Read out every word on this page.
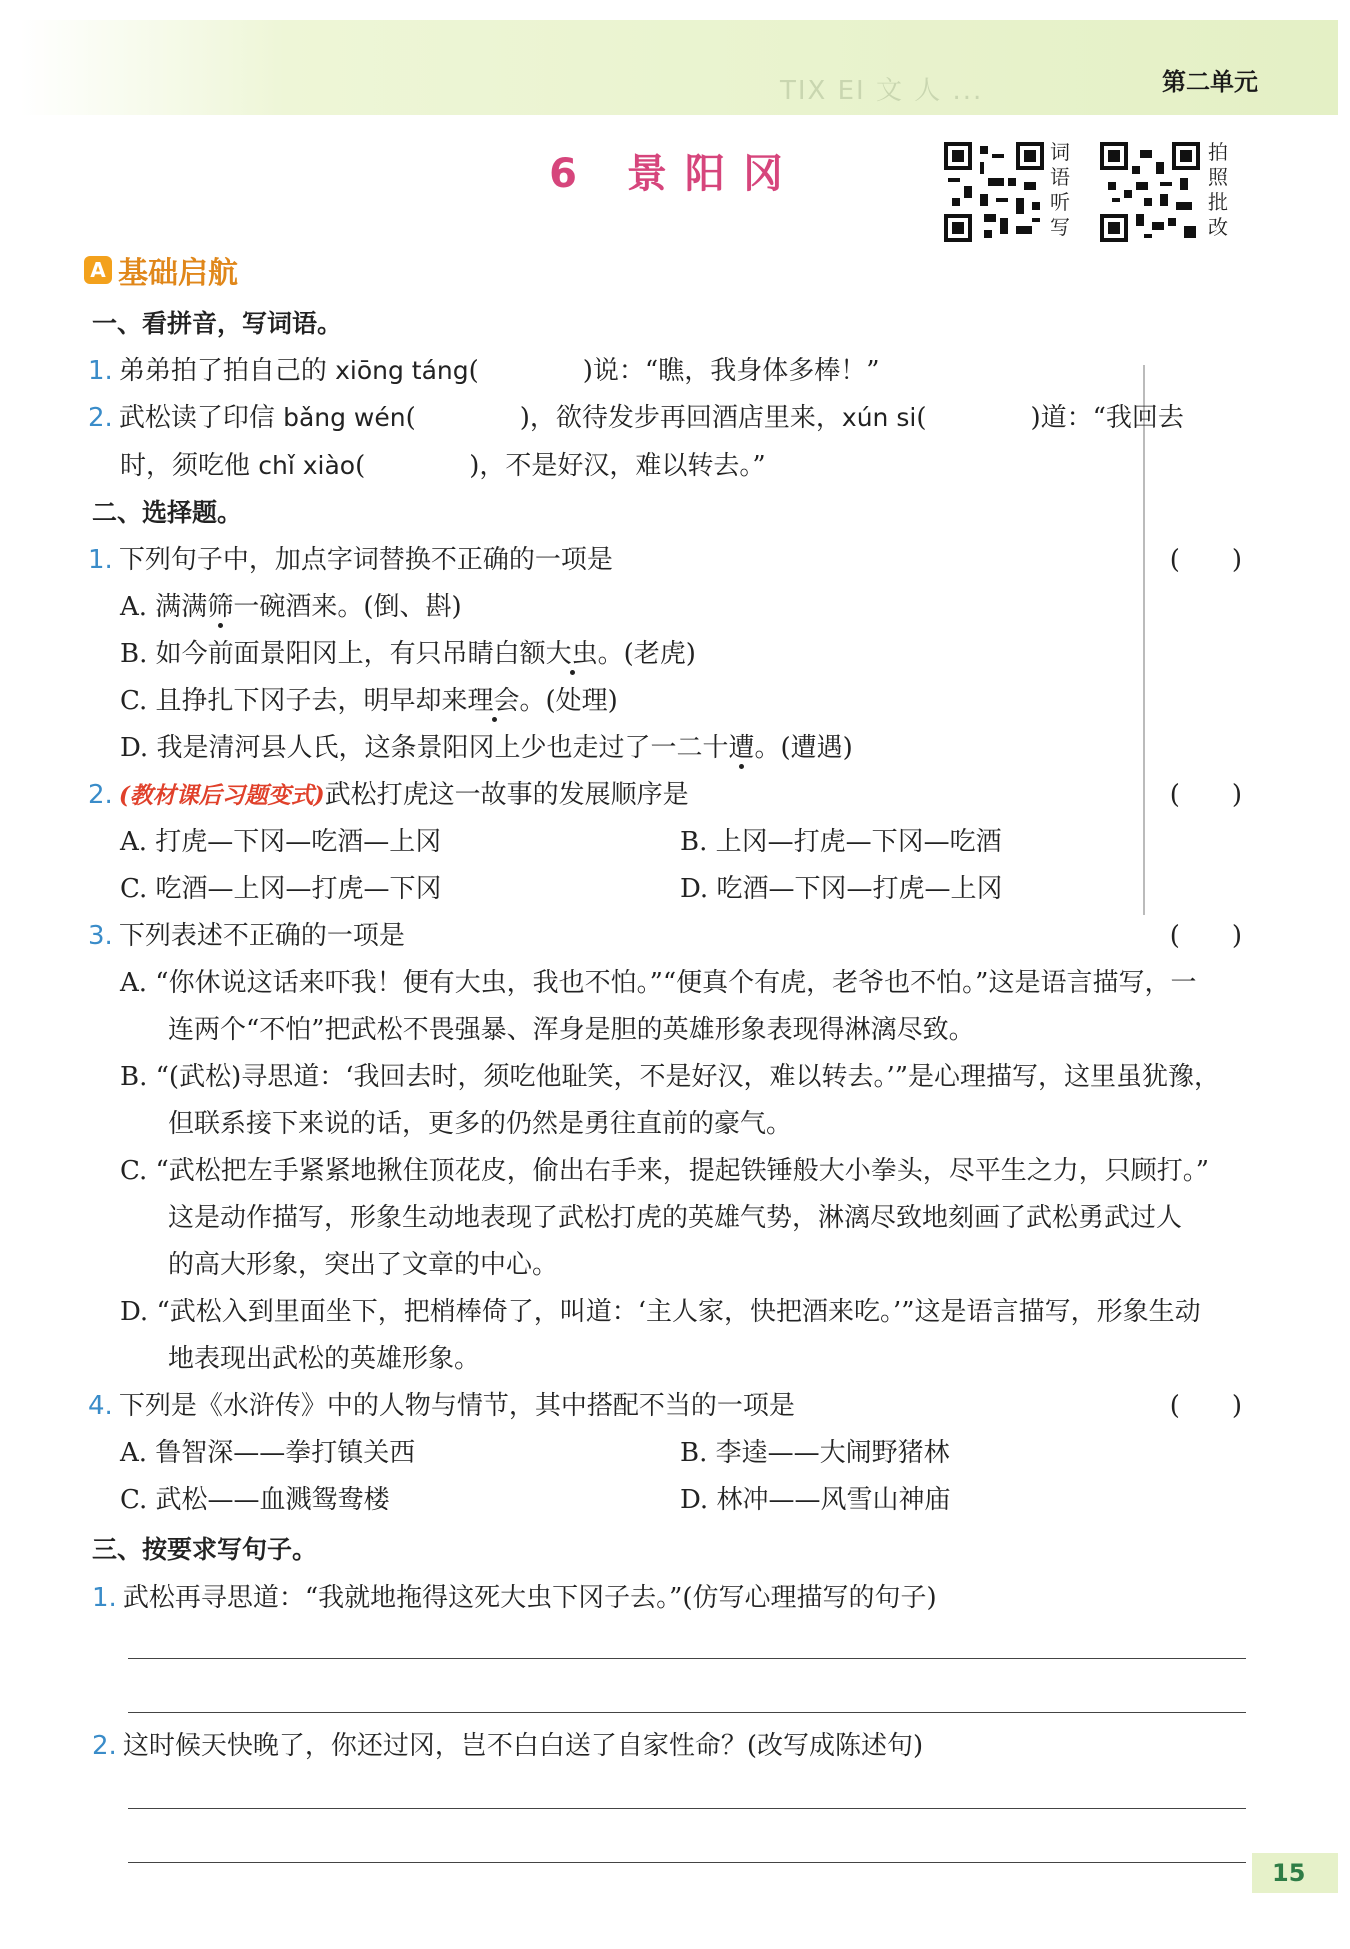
TIX EI 文 人 ...	第二单元
6 景阳冈	词语听写
拍照批改
A 基础启航
一、看拼音，写词语。
1. 弟弟拍了拍自己的 xiōng táng(　　　　)说：“瞧，我身体多棒！”
2. 武松读了印信 bǎng wén(　　　　)，欲待发步再回酒店里来，xún si(　　　　)道：“我回去
时，须吃他 chǐ xiào(　　　　)，不是好汉，难以转去。”
二、选择题。
1. 下列句子中，加点字词替换不正确的一项是	(　　)
A. 满满筛一碗酒来。(倒、斟)
B. 如今前面景阳冈上，有只吊睛白额大虫。(老虎)
C. 且挣扎下冈子去，明早却来理会。(处理)
D. 我是清河县人氏，这条景阳冈上少也走过了一二十遭。(遭遇)
2. (教材课后习题变式)武松打虎这一故事的发展顺序是	(　　)
A. 打虎—下冈—吃酒—上冈	B. 上冈—打虎—下冈—吃酒
C. 吃酒—上冈—打虎—下冈	D. 吃酒—下冈—打虎—上冈
3. 下列表述不正确的一项是	(　　)
A. “你休说这话来吓我！便有大虫，我也不怕。”“便真个有虎，老爷也不怕。”这是语言描写，一
连两个“不怕”把武松不畏强暴、浑身是胆的英雄形象表现得淋漓尽致。
B. “(武松)寻思道：‘我回去时，须吃他耻笑，不是好汉，难以转去。’”是心理描写，这里虽犹豫，
但联系接下来说的话，更多的仍然是勇往直前的豪气。
C. “武松把左手紧紧地揪住顶花皮，偷出右手来，提起铁锤般大小拳头，尽平生之力，只顾打。”
这是动作描写，形象生动地表现了武松打虎的英雄气势，淋漓尽致地刻画了武松勇武过人
的高大形象，突出了文章的中心。
D. “武松入到里面坐下，把梢棒倚了，叫道：‘主人家，快把酒来吃。’”这是语言描写，形象生动
地表现出武松的英雄形象。
4. 下列是《水浒传》中的人物与情节，其中搭配不当的一项是	(　　)
A. 鲁智深——拳打镇关西	B. 李逵——大闹野猪林
C. 武松——血溅鸳鸯楼	D. 林冲——风雪山神庙
三、按要求写句子。
1. 武松再寻思道：“我就地拖得这死大虫下冈子去。”(仿写心理描写的句子)
2. 这时候天快晚了，你还过冈，岂不白白送了自家性命？(改写成陈述句)
15
